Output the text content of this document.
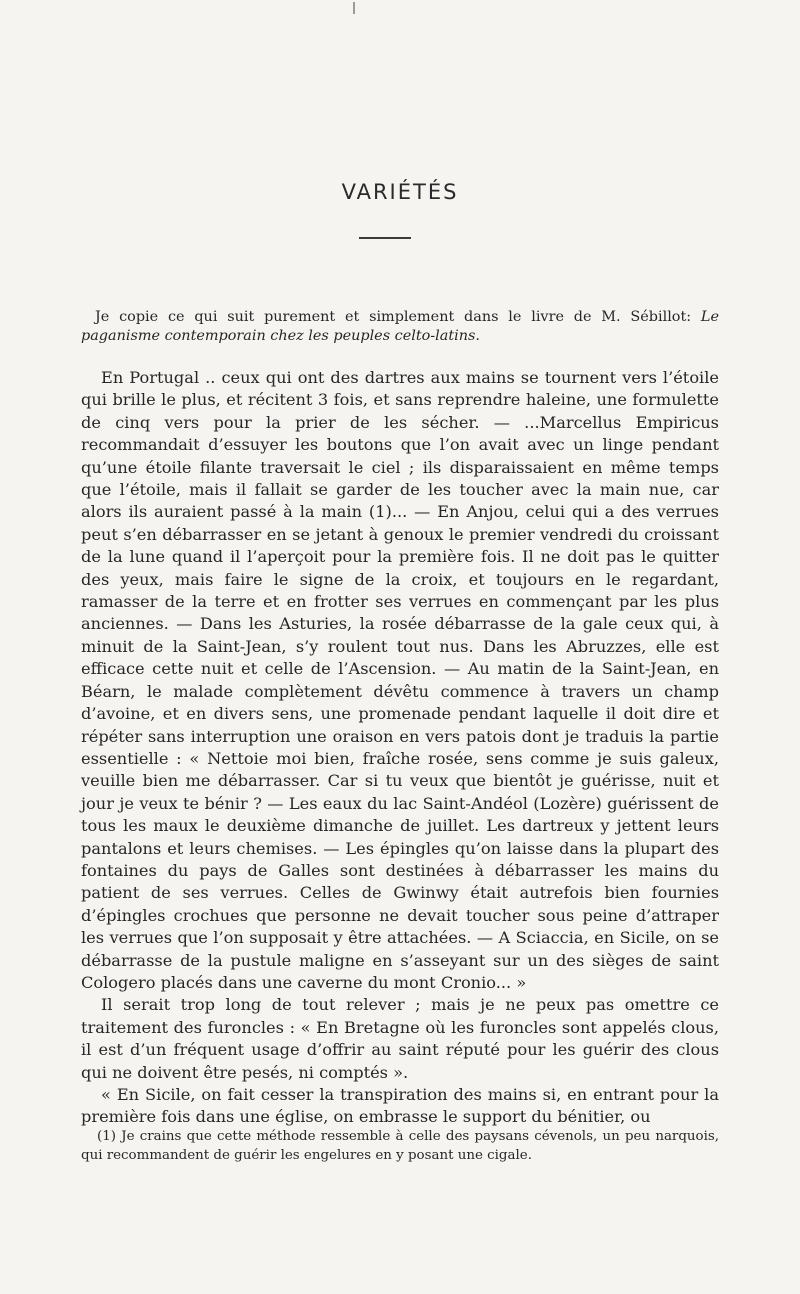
VARIÉTÉS
Je copie ce qui suit purement et simplement dans le livre de M. Sébillot: Le paganisme contemporain chez les peuples celto-latins.

En Portugal .. ceux qui ont des dartres aux mains se tournent vers l’étoile qui brille le plus, et récitent 3 fois, et sans reprendre haleine, une formulette de cinq vers pour la prier de les sécher. — ...Marcellus Empiricus recommandait d’essuyer les boutons que l’on avait avec un linge pendant qu’une étoile filante traversait le ciel ; ils disparaissaient en même temps que l’étoile, mais il fallait se garder de les toucher avec la main nue, car alors ils auraient passé à la main (1)... — En Anjou, celui qui a des verrues peut s’en débarrasser en se jetant à genoux le premier vendredi du croissant de la lune quand il l’aperçoit pour la première fois. Il ne doit pas le quitter des yeux, mais faire le signe de la croix, et toujours en le regardant, ramasser de la terre et en frotter ses verrues en commençant par les plus anciennes. — Dans les Asturies, la rosée débarrasse de la gale ceux qui, à minuit de la Saint-Jean, s’y roulent tout nus. Dans les Abruzzes, elle est efficace cette nuit et celle de l’Ascension. — Au matin de la Saint-Jean, en Béarn, le malade complètement dévêtu commence à travers un champ d’avoine, et en divers sens, une promenade pendant laquelle il doit dire et répéter sans interruption une oraison en vers patois dont je traduis la partie essentielle : « Nettoie moi bien, fraîche rosée, sens comme je suis galeux, veuille bien me débarrasser. Car si tu veux que bientôt je guérisse, nuit et jour je veux te bénir ? — Les eaux du lac Saint-Andéol (Lozère) guérissent de tous les maux le deuxième dimanche de juillet. Les dartreux y jettent leurs pantalons et leurs chemises. — Les épingles qu’on laisse dans la plupart des fontaines du pays de Galles sont destinées à débarrasser les mains du patient de ses verrues. Celles de Gwinwy était autrefois bien fournies d’épingles crochues que personne ne devait toucher sous peine d’attraper les verrues que l’on supposait y être attachées. — A Sciaccia, en Sicile, on se débarrasse de la pustule maligne en s’asseyant sur un des sièges de saint Cologero placés dans une caverne du mont Cronio... »

Il serait trop long de tout relever ; mais je ne peux pas omettre ce traitement des furoncles : « En Bretagne où les furoncles sont appelés clous, il est d’un fréquent usage d’offrir au saint réputé pour les guérir des clous qui ne doivent être pesés, ni comptés ».

« En Sicile, on fait cesser la transpiration des mains si, en entrant pour la première fois dans une église, on embrasse le support du bénitier, ou

(1) Je crains que cette méthode ressemble à celle des paysans cévenols, un peu narquois, qui recommandent de guérir les engelures en y posant une cigale.
